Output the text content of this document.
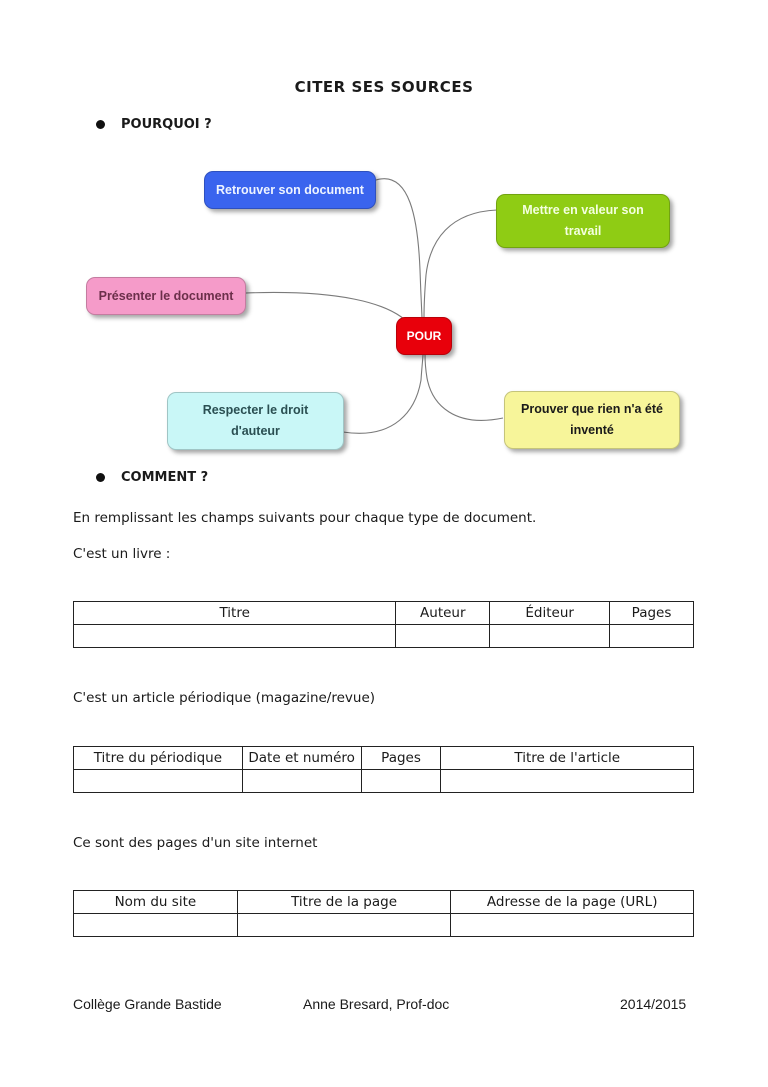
CITER SES SOURCES
POURQUOI ?
Retrouver son document
Mettre en valeur son
travail
Présenter le document
POUR
Respecter le droit
d'auteur
Prouver que rien n'a été
inventé
COMMENT ?
En remplissant les champs suivants pour chaque type de document.
C'est un livre :
Titre	Auteur	Éditeur	Pages

C'est un article périodique (magazine/revue)
Titre du périodique	Date et numéro	Pages	Titre de l'article

Ce sont des pages d'un site internet
Nom du site	Titre de la page	Adresse de la page (URL)

Collège Grande Bastide	Anne Bresard, Prof-doc	2014/2015
